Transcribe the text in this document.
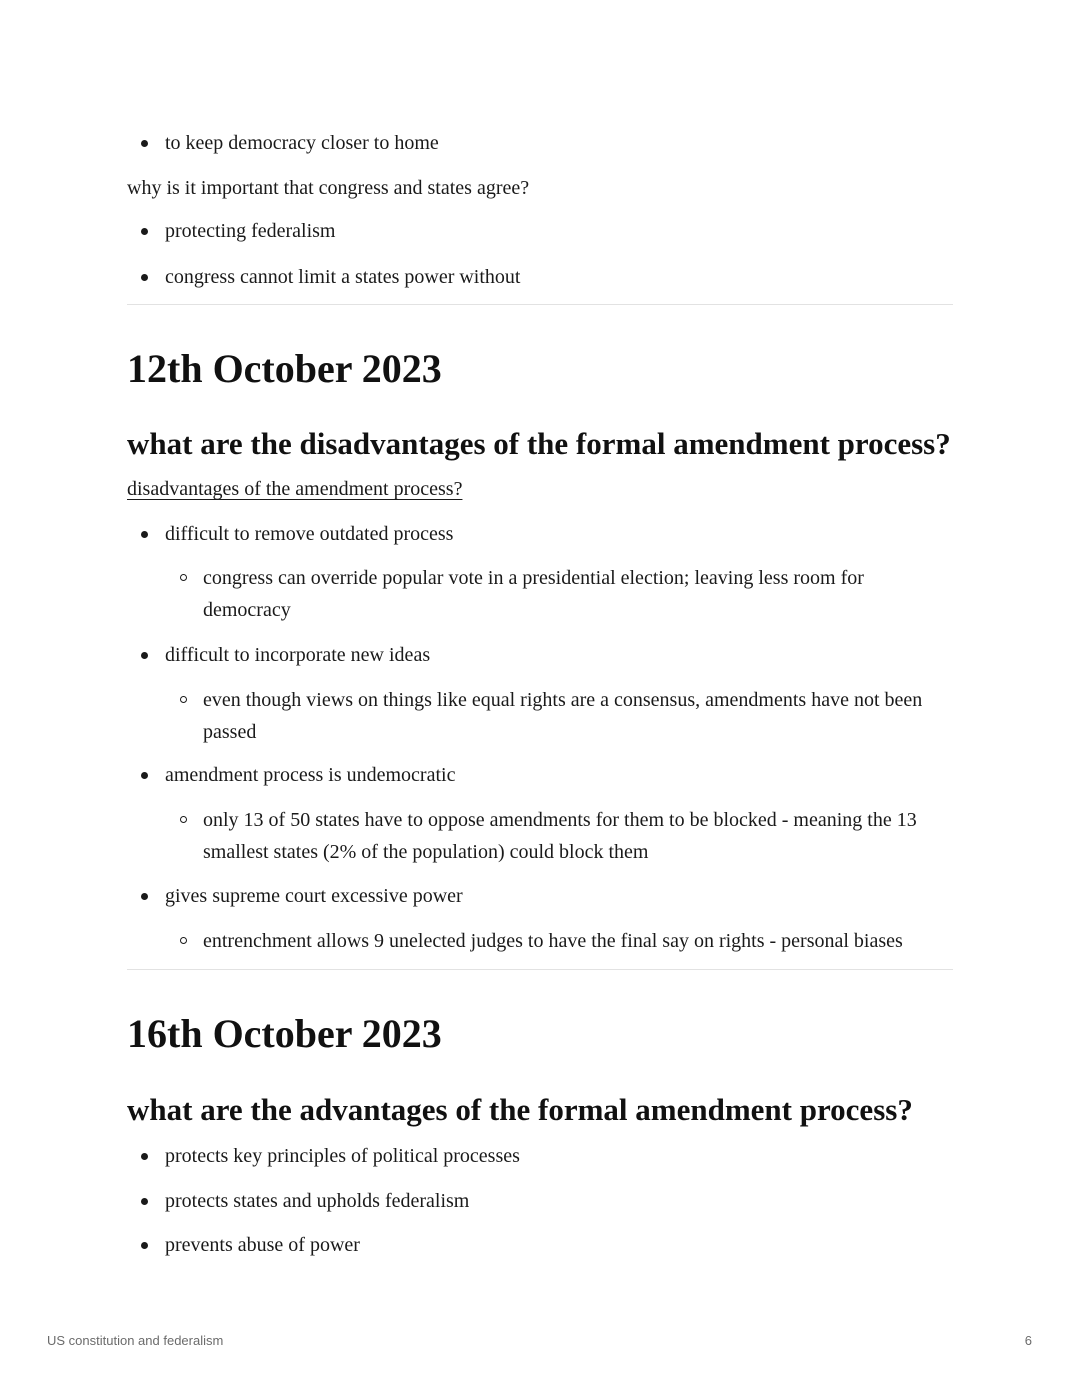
to keep democracy closer to home

why is it important that congress and states agree?

protecting federalism
congress cannot limit a states power without
12th October 2023
what are the disadvantages of the formal amendment process?

disadvantages of the amendment process?

difficult to remove outdated process
congress can override popular vote in a presidential election; leaving less room for democracy
difficult to incorporate new ideas
even though views on things like equal rights are a consensus, amendments have not been passed
amendment process is undemocratic
only 13 of 50 states have to oppose amendments for them to be blocked - meaning the 13 smallest states (2% of the population) could block them
gives supreme court excessive power
entrenchment allows 9 unelected judges to have the final say on rights - personal biases
16th October 2023
what are the advantages of the formal amendment process?
protects key principles of political processes
protects states and upholds federalism
prevents abuse of power
US constitution and federalism	6
